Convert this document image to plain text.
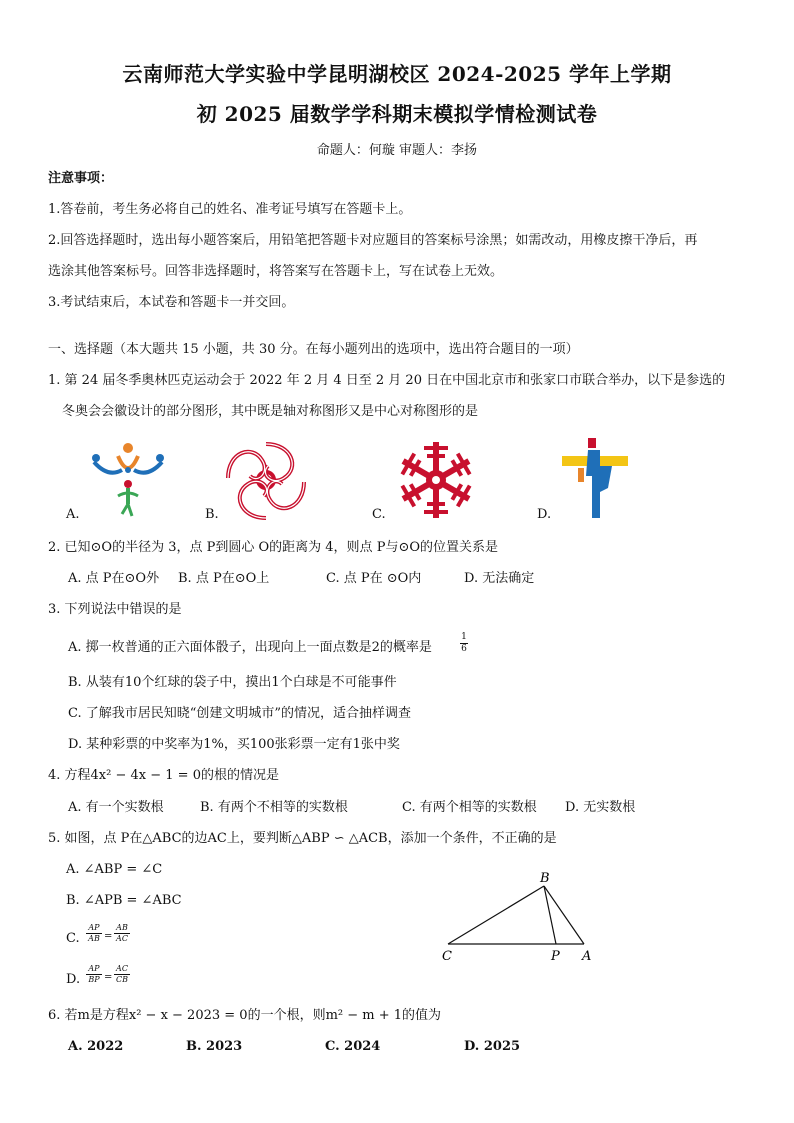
云南师范大学实验中学昆明湖校区 2024-2025 学年上学期
初 2025 届数学学科期末模拟学情检测试卷
命题人：何璇 审题人：李扬
注意事项：
1.答卷前，考生务必将自己的姓名、准考证号填写在答题卡上。
2.回答选择题时，选出每小题答案后，用铅笔把答题卡对应题目的答案标号涂黑；如需改动，用橡皮擦干净后，再
选涂其他答案标号。回答非选择题时，将答案写在答题卡上，写在试卷上无效。
3.考试结束后，本试卷和答题卡一并交回。
一、选择题（本大题共 15 小题，共 30 分。在每小题列出的选项中，选出符合题目的一项）
1. 第 24 届冬季奥林匹克运动会于 2022 年 2 月 4 日至 2 月 20 日在中国北京市和张家口市联合举办，以下是参选的
冬奥会会徽设计的部分图形，其中既是轴对称图形又是中心对称图形的是
A.	B.	C.	D.
2. 已知⊙O的半径为 3，点 P到圆心 O的距离为 4，则点 P与⊙O的位置关系是
A. 点 P在⊙O外 B. 点 P在⊙O上	C. 点 P在 ⊙O内	D. 无法确定
3. 下列说法中错误的是
A. 掷一枚普通的正六面体骰子，出现向上一面点数是2的概率是
1
6
B. 从装有10个红球的袋子中，摸出1个白球是不可能事件
C. 了解我市居民知晓“创建文明城市”的情况，适合抽样调查
D. 某种彩票的中奖率为1%，买100张彩票一定有1张中奖
4. 方程4x² − 4x − 1 = 0的根的情况是
A. 有一个实数根	B. 有两个不相等的实数根	C. 有两个相等的实数根 D. 无实数根
5. 如图，点 P在△ABC的边AC上，要判断△ABP ∽ △ACB，添加一个条件，不正确的是
A. ∠ABP = ∠C
B. ∠APB = ∠ABC
C.
AP
AB =
AB
AC
D.
AP
BP =
AC
CB
B
C	P A
6. 若m是方程x² − x − 2023 = 0的一个根，则m² − m + 1的值为
A. 2022	B. 2023	C. 2024	D. 2025
